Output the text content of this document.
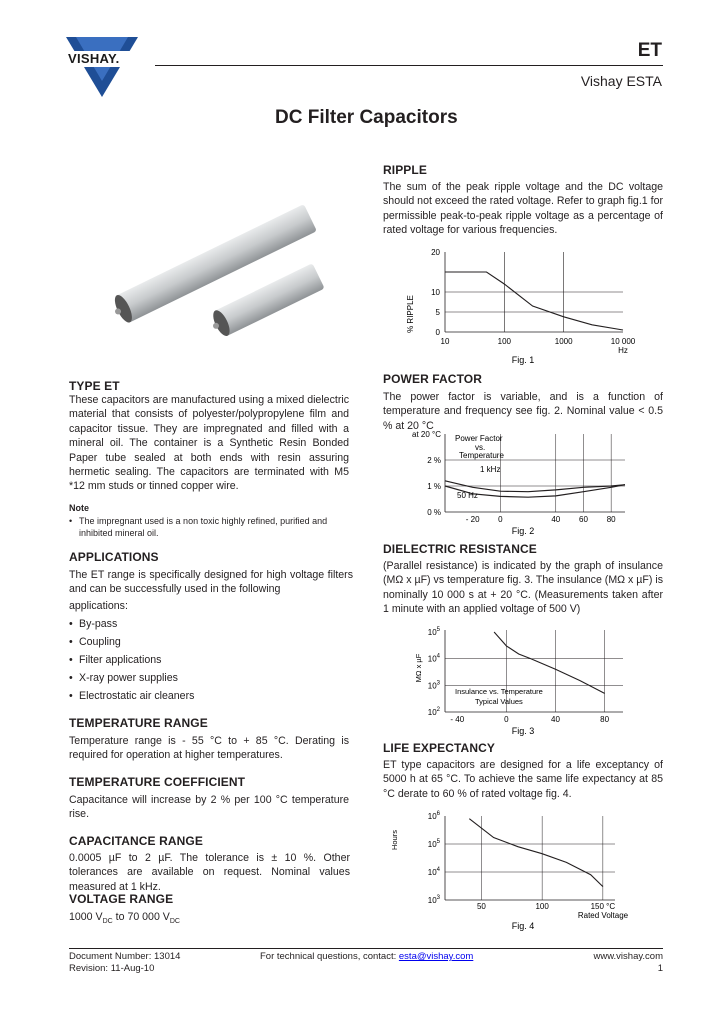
VISHAY.	ET
Vishay ESTA
DC Filter Capacitors
TYPE ET
These capacitors are manufactured using a mixed dielectric material that consists of polyester/polypropylene film and capacitor tissue. They are impregnated and filled with a mineral oil. The container is a Synthetic Resin Bonded Paper tube sealed at both ends with resin assuring hermetic sealing. The capacitors are terminated with M5 *12 mm studs or tinned copper wire.
Note
• The impregnant used is a non toxic highly refined, purified and inhibited mineral oil.
APPLICATIONS
The ET range is specifically designed for high voltage filters and can be successfully used in the following
applications:
• By-pass
• Coupling
• Filter applications
• X-ray power supplies
• Electrostatic air cleaners
TEMPERATURE RANGE
Temperature range is - 55 °C to + 85 °C. Derating is required for operation at higher temperatures.
TEMPERATURE COEFFICIENT
Capacitance will increase by 2 % per 100 °C temperature rise.
CAPACITANCE RANGE
0.0005 µF to 2 µF. The tolerance is ± 10 %. Other tolerances are available on request. Nominal values measured at 1 kHz.
VOLTAGE RANGE
1000 $V_{DC}$ to 70 000 $V_{DC}$
RIPPLE
The sum of the peak ripple voltage and the DC voltage should not exceed the rated voltage. Refer to graph fig.1 for permissible peak-to-peak ripple voltage as a percentage of rated voltage for various frequencies.
% RIPPLE
20
10
5
0
10	100	1000	10 000
Hz
Fig. 1
POWER FACTOR
The power factor is variable, and is a function of temperature and frequency see fig. 2. Nominal value < 0.5 % at 20 °C
at 20 °C
2 %
1 %
0 %
- 20 0	40 60 80
Power Factor
vs.
Temperature
1 kHz
50 Hz
Fig. 2
DIELECTRIC RESISTANCE
(Parallel resistance) is indicated by the graph of insulance (MΩ x µF) vs temperature fig. 3. The insulance (MΩ x µF) is nominally 10 000 s at + 20 °C. (Measurements taken after 1 minute with an applied voltage of 500 V)
MΩ x µF
$10^5$
$10^4$
$10^3$
$10^2$
- 40	0	40	80
Insulance vs. Temperature
Typical Values
Fig. 3
LIFE EXPECTANCY
ET type capacitors are designed for a life exceptancy of 5000 h at 65 °C. To achieve the same life expectancy at 85 °C derate to 60 % of rated voltage fig. 4.
Hours
$10^6$
$10^5$
$10^4$
$10^3$
50	100	150 °C
Rated Voltage
Fig. 4
Document Number: 13014
Revision: 11-Aug-10
For technical questions, contact: esta@vishay.com	www.vishay.com
1
